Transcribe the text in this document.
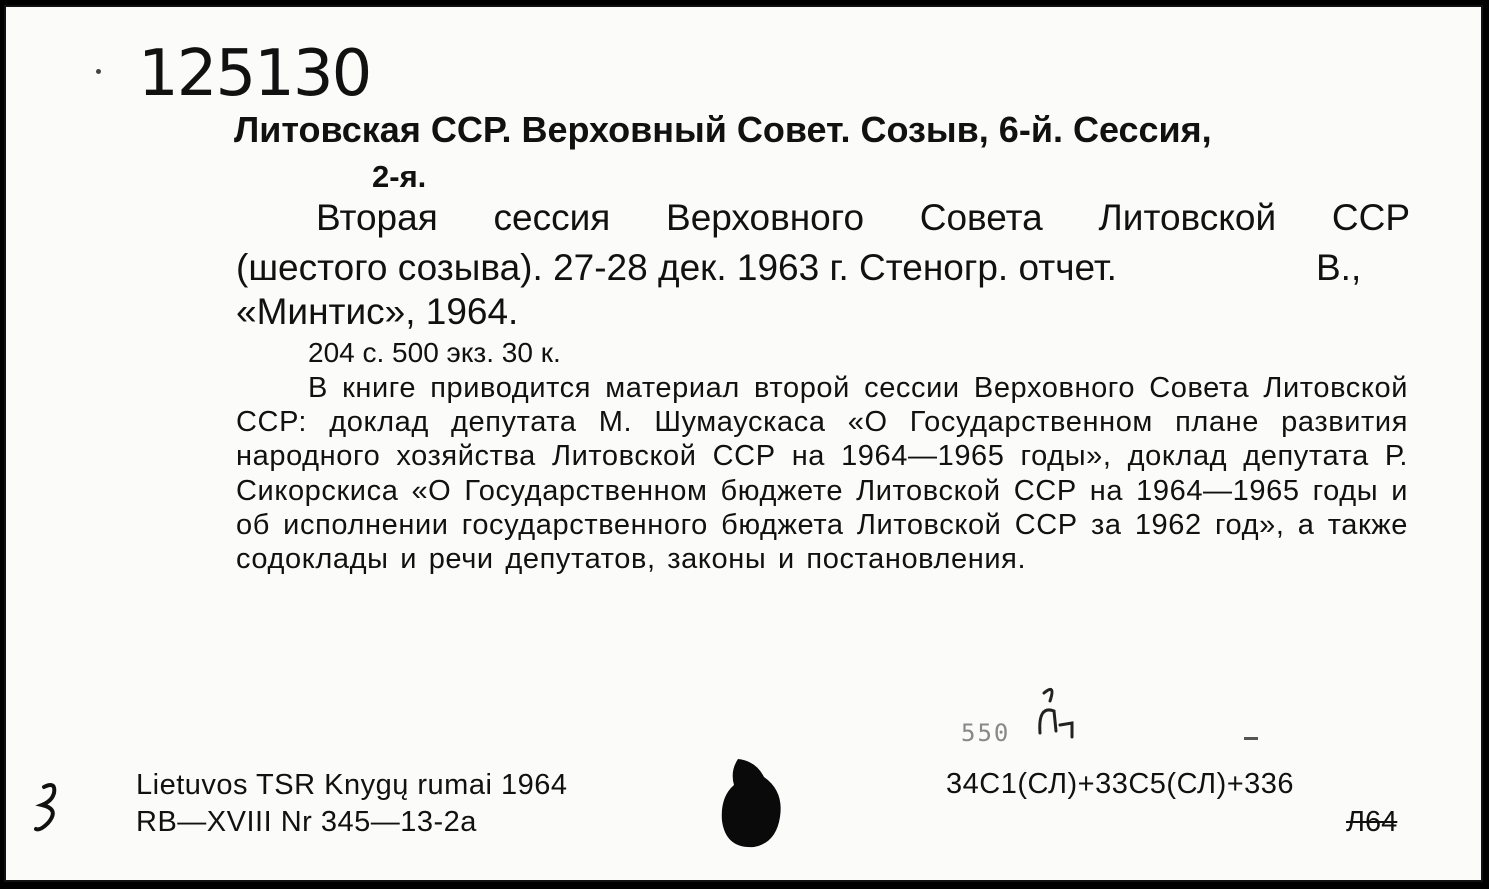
125130
Литовская ССР. Верховный Совет. Созыв, 6-й. Сессия,
2-я.
Вторая сессия Верховного Совета Литовской ССР
(шестого созыва). 27-28 дек. 1963 г. Стеногр. отчет.	В.,
«Минтис», 1964.
204 с. 500 экз. 30 к.
В книге приводится материал второй сессии Верховного Совета Литовской ССР: доклад депутата М. Шумаускаса «О Государственном плане развития народного хозяйства Литовской ССР на 1964—1965 годы», доклад депутата Р. Сикорскиса «О Государственном бюджете Литовской ССР на 1964—1965 годы и об исполнении государственного бюджета Литовской ССР за 1962 год», а также содоклады и речи депутатов, законы и постановления.
Lietuvos TSR Knygų rumai 1964
RB—XVIII Nr 345—13-2a
550
34С1(СЛ)+33С5(СЛ)+336
Л64
